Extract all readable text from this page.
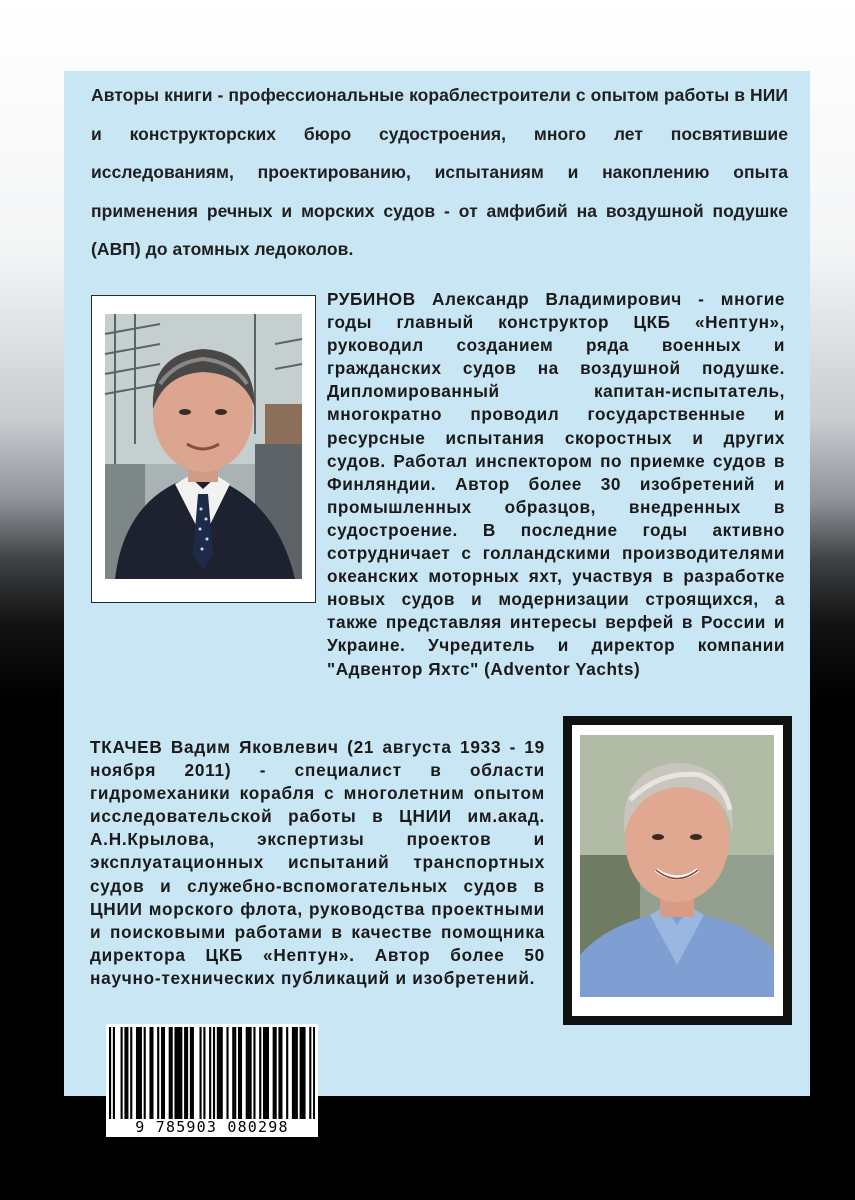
Авторы книги - профессиональные кораблестроители с опытом работы в НИИ и конструкторских бюро судостроения, много лет посвятившие исследованиям, проектированию, испытаниям и накоплению опыта применения речных и морских судов - от амфибий на воздушной подушке (АВП) до атомных ледоколов.

РУБИНОВ Александр Владимирович - многие годы главный конструктор ЦКБ «Нептун», руководил созданием ряда военных и гражданских судов на воздушной подушке. Дипломированный капитан-испытатель, многократно проводил государственные и ресурсные испытания скоростных и других судов. Работал инспектором по приемке судов в Финляндии. Автор более 30 изобретений и промышленных образцов, внедренных в судостроение. В последние годы активно сотрудничает с голландскими производителями океанских моторных яхт, участвуя в разработке новых судов и модернизации строящихся, а также представляя интересы верфей в России и Украине. Учредитель и директор компании "Адвентор Яхтс" (Adventor Yachts)

ТКАЧЕВ Вадим Яковлевич (21 августа 1933 - 19 ноября 2011) - специалист в области гидромеханики корабля с многолетним опытом исследовательской работы в ЦНИИ им.акад. А.Н.Крылова, экспертизы проектов и эксплуатационных испытаний транспортных судов и служебно-вспомогательных судов в ЦНИИ морского флота, руководства проектными и поисковыми работами в качестве помощника директора ЦКБ «Нептун». Автор более 50 научно-технических публикаций и изобретений.

9 785903 080298
